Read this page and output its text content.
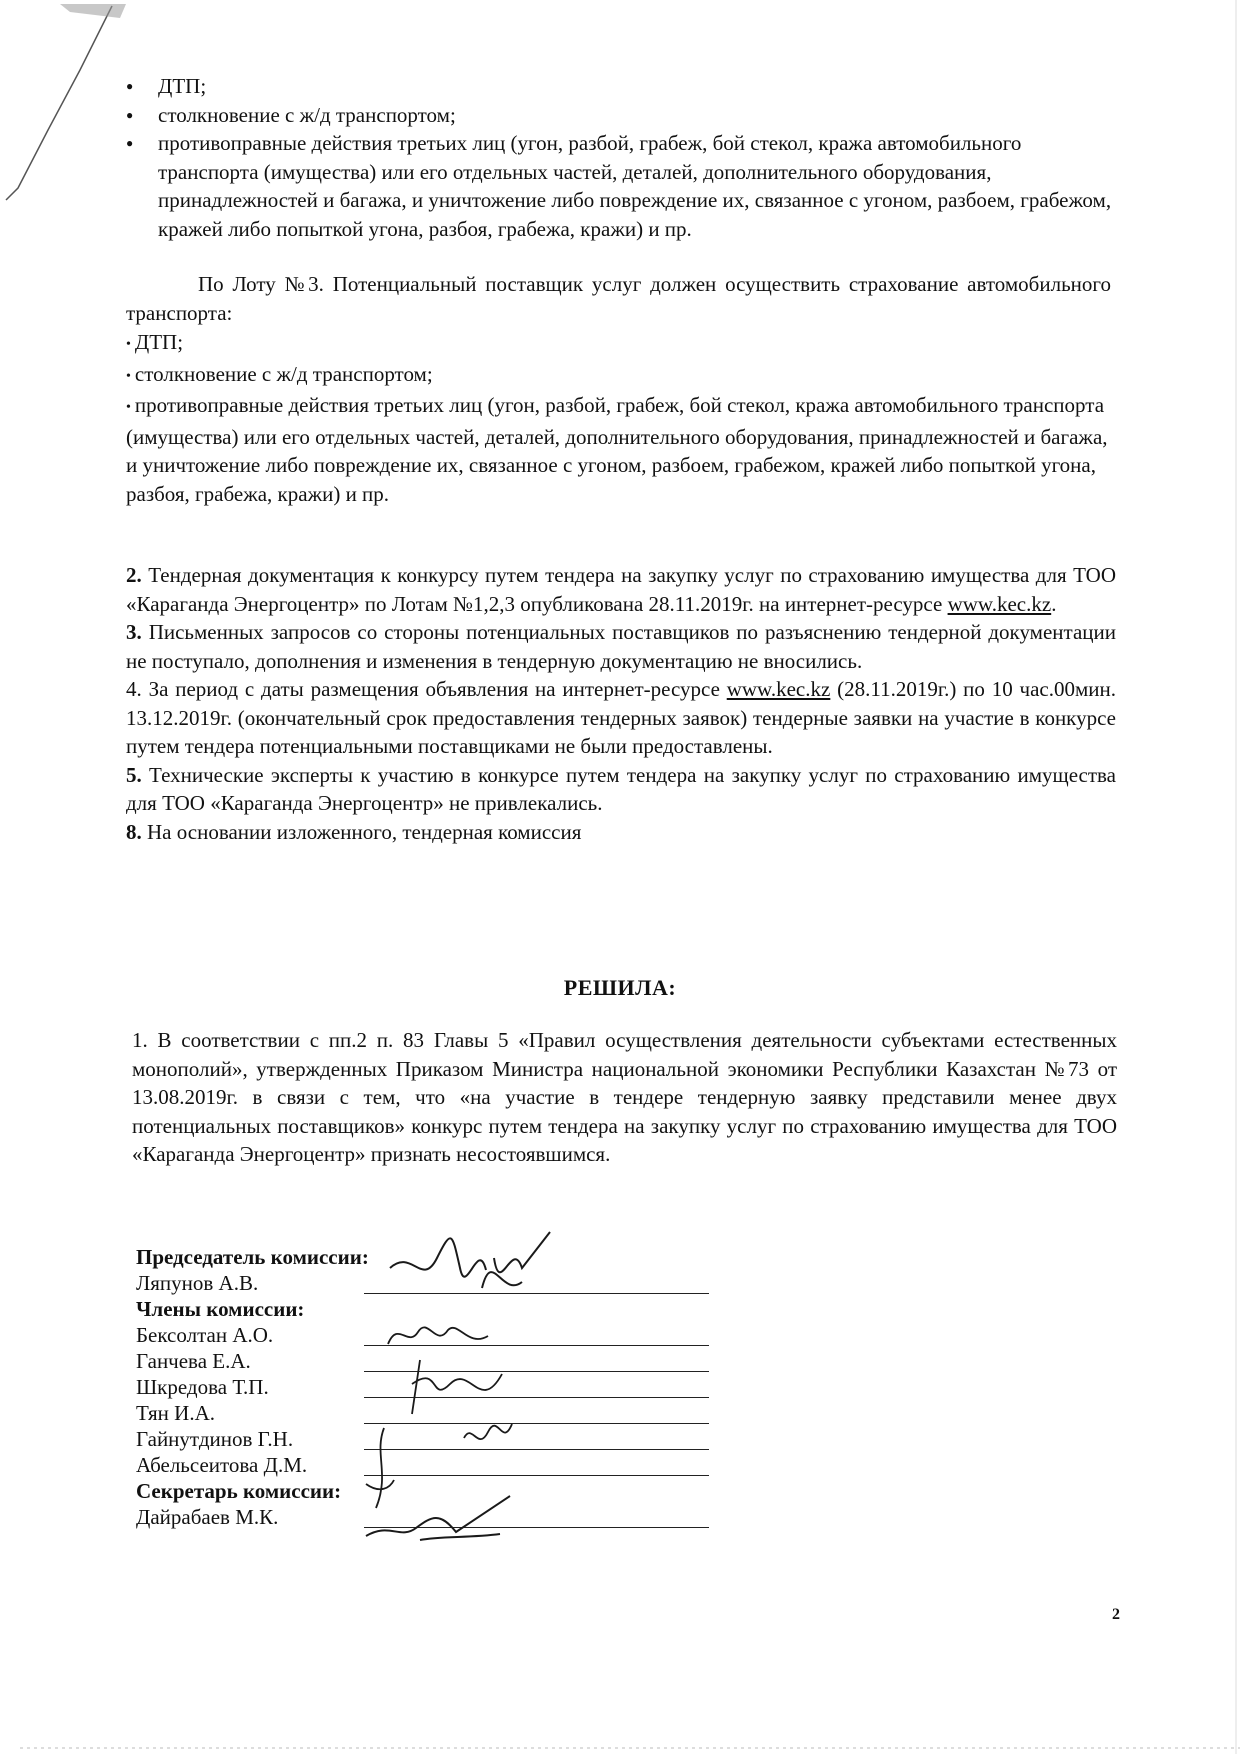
● ДТП;
● столкновение с ж/д транспортом;
● противоправные действия третьих лиц (угон, разбой, грабеж, бой стекол, кража автомобильного транспорта (имущества) или его отдельных частей, деталей, дополнительного оборудования, принадлежностей и багажа, и уничтожение либо повреждение их, связанное с угоном, разбоем, грабежом, кражей либо попыткой угона, разбоя, грабежа, кражи) и пр.

По Лоту №3. Потенциальный поставщик услуг должен осуществить страхование автомобильного транспорта:

• ДТП;
• столкновение с ж/д транспортом;
• противоправные действия третьих лиц (угон, разбой, грабеж, бой стекол, кража автомобильного транспорта (имущества) или его отдельных частей, деталей, дополнительного оборудования, принадлежностей и багажа, и уничтожение либо повреждение их, связанное с угоном, разбоем, грабежом, кражей либо попыткой угона, разбоя, грабежа, кражи) и пр.

2. Тендерная документация к конкурсу путем тендера на закупку услуг по страхованию имущества для ТОО «Караганда Энергоцентр» по Лотам №1,2,3 опубликована 28.11.2019г. на интернет-ресурсе www.kec.kz.

3. Письменных запросов со стороны потенциальных поставщиков по разъяснению тендерной документации не поступало, дополнения и изменения в тендерную документацию не вносились.

4. За период с даты размещения объявления на интернет-ресурсе www.kec.kz (28.11.2019г.) по 10 час.00мин. 13.12.2019г. (окончательный срок предоставления тендерных заявок) тендерные заявки на участие в конкурсе путем тендера потенциальными поставщиками не были предоставлены.

5. Технические эксперты к участию в конкурсе путем тендера на закупку услуг по страхованию имущества для ТОО «Караганда Энергоцентр» не привлекались.

8. На основании изложенного, тендерная комиссия

РЕШИЛА:

1. В соответствии с пп.2 п. 83 Главы 5 «Правил осуществления деятельности субъектами естественных монополий», утвержденных Приказом Министра национальной экономики Республики Казахстан №73 от 13.08.2019г. в связи с тем, что «на участие в тендере тендерную заявку представили менее двух потенциальных поставщиков» конкурс путем тендера на закупку услуг по страхованию имущества для ТОО «Караганда Энергоцентр» признать несостоявшимся.

Председатель комиссии:
Ляпунов А.В.
Члены комиссии:
Бексолтан А.О.
Ганчева Е.А.
Шкредова Т.П.
Тян И.А.
Гайнутдинов Г.Н.
Абельсеитова Д.М.
Секретарь комиссии:
Дайрабаев М.К.
2
